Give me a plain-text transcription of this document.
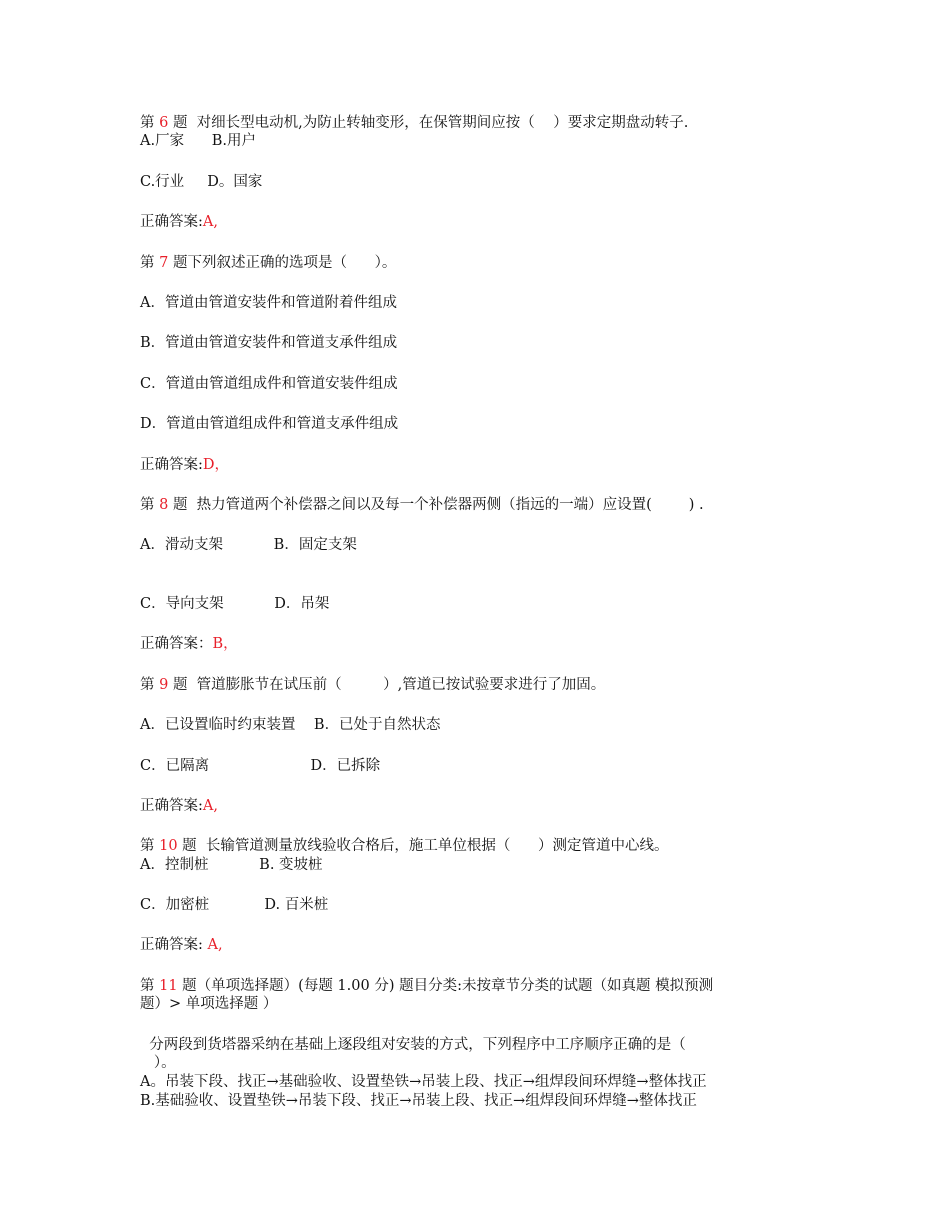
第 6 题  对细长型电动机,为防止转轴变形，在保管期间应按（    ）要求定期盘动转子.
A.厂家      B.用户
C.行业     D。国家
正确答案:A,
第 7 题下列叙述正确的选项是（      ）。
A．管道由管道安装件和管道附着件组成
B．管道由管道安装件和管道支承件组成
C．管道由管道组成件和管道安装件组成
D．管道由管道组成件和管道支承件组成
正确答案:D，
第 8 题  热力管道两个补偿器之间以及每一个补偿器两侧（指远的一端）应设置(        ) .
A．滑动支架           B．固定支架
C．导向支架           D．吊架
正确答案：B，
第 9 题  管道膨胀节在试压前（         ）,管道已按试验要求进行了加固。
A．已设置临时约束装置    B．已处于自然状态
C．已隔离                      D．已拆除
正确答案:A,
第 10 题  长输管道测量放线验收合格后，施工单位根据（      ）测定管道中心线。
A．控制桩           B. 变坡桩
C．加密桩            D. 百米桩
正确答案: A,
第 11 题（单项选择题）(每题 1.00 分) 题目分类:未按章节分类的试题（如真题 模拟预测
题）> 单项选择题 ）
分两段到货塔器采纳在基础上逐段组对安装的方式，下列程序中工序顺序正确的是（
）。
A。吊装下段、找正→基础验收、设置垫铁→吊装上段、找正→组焊段间环焊缝→整体找正
B.基础验收、设置垫铁→吊装下段、找正→吊装上段、找正→组焊段间环焊缝→整体找正
